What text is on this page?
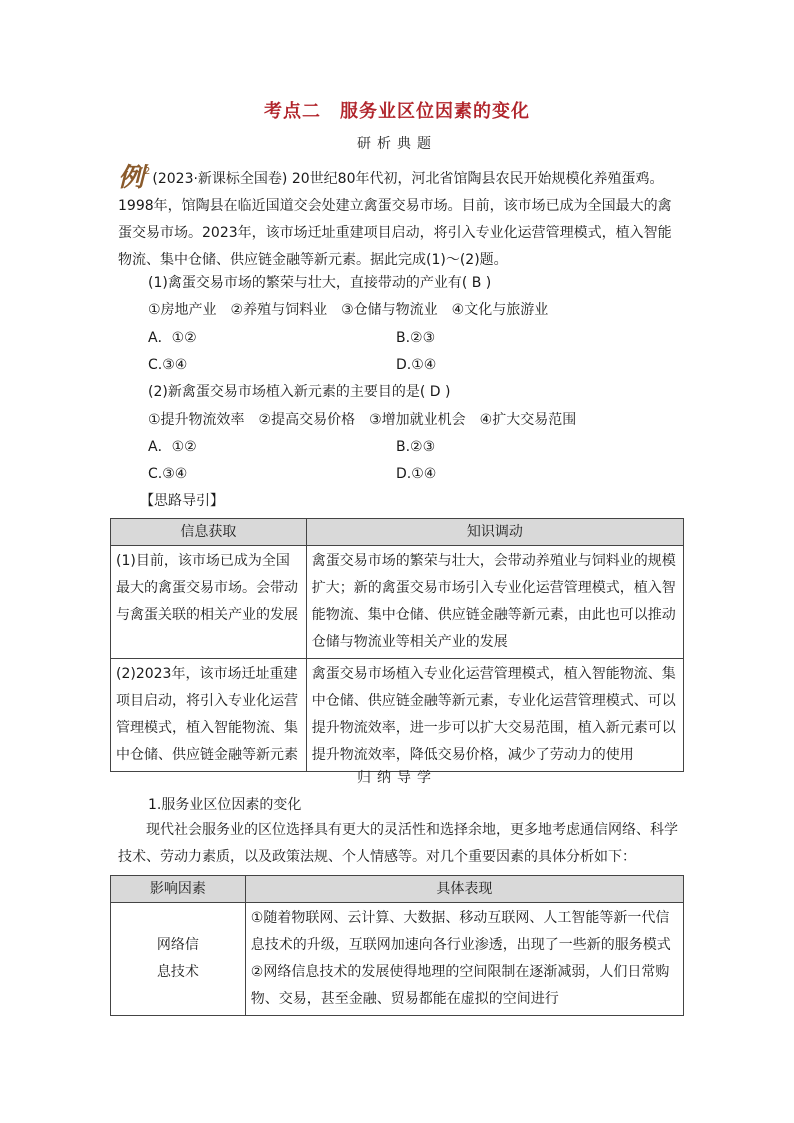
考点二　服务业区位因素的变化
研析典题
例$^2$ (2023·新课标全国卷) 20世纪80年代初，河北省馆陶县农民开始规模化养殖蛋鸡。1998年，馆陶县在临近国道交会处建立禽蛋交易市场。目前，该市场已成为全国最大的禽蛋交易市场。2023年，该市场迁址重建项目启动，将引入专业化运营管理模式，植入智能物流、集中仓储、供应链金融等新元素。据此完成(1)～(2)题。
(1)禽蛋交易市场的繁荣与壮大，直接带动的产业有( B )
①房地产业　②养殖与饲料业　③仓储与物流业　④文化与旅游业
A．①②	B.②③
C.③④	D.①④
(2)新禽蛋交易市场植入新元素的主要目的是( D )
①提升物流效率　②提高交易价格　③增加就业机会　④扩大交易范围
A．①②	B.②③
C.③④	D.①④
【思路导引】
信息获取	知识调动
(1)目前，该市场已成为全国最大的禽蛋交易市场。会带动与禽蛋关联的相关产业的发展	禽蛋交易市场的繁荣与壮大，会带动养殖业与饲料业的规模扩大；新的禽蛋交易市场引入专业化运营管理模式，植入智能物流、集中仓储、供应链金融等新元素，由此也可以推动仓储与物流业等相关产业的发展
(2)2023年，该市场迁址重建项目启动，将引入专业化运营管理模式，植入智能物流、集中仓储、供应链金融等新元素	禽蛋交易市场植入专业化运营管理模式，植入智能物流、集中仓储、供应链金融等新元素，专业化运营管理模式、可以提升物流效率，进一步可以扩大交易范围，植入新元素可以提升物流效率，降低交易价格，减少了劳动力的使用
归纳导学
1.服务业区位因素的变化
现代社会服务业的区位选择具有更大的灵活性和选择余地，更多地考虑通信网络、科学技术、劳动力素质，以及政策法规、个人情感等。对几个重要因素的具体分析如下：
影响因素	具体表现
网络信
息技术	①随着物联网、云计算、大数据、移动互联网、人工智能等新一代信息技术的升级，互联网加速向各行业渗透，出现了一些新的服务模式
②网络信息技术的发展使得地理的空间限制在逐渐减弱，人们日常购物、交易，甚至金融、贸易都能在虚拟的空间进行
